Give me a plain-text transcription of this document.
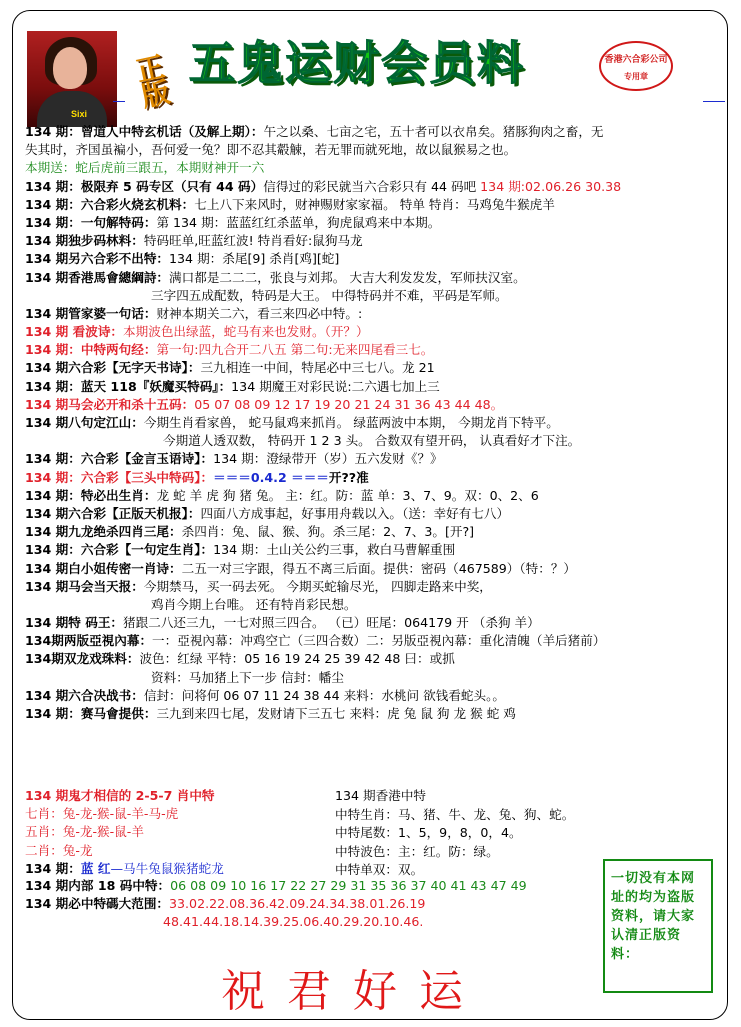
Sixi
正版
五鬼运财会员料	香港六合彩公司
专用章
134 期：曾道人中特玄机话（及解上期）：午之以桑、七亩之宅，五十者可以衣帛矣。猪豚狗肉之畜，无
失其时，齐国虽褊小，吾何爱一兔？即不忍其觳觫，若无罪而就死地，故以鼠猴易之也。
本期送：蛇后虎前三跟五，本期财神开一六
134 期：极限弃 5 码专区（只有 44 码）信得过的彩民就当六合彩只有 44 码吧 134 期:02.06.26 30.38
134 期：六合彩火烧玄机料：七上八下来风时，财神赐财家家福。 特单 特肖：马鸡兔牛猴虎羊
134 期：一句解特码：第 134 期：蓝蓝红红杀蓝单，狗虎鼠鸡来中本期。
134 期独步码林料：特码旺单,旺蓝红波! 特肖看好:鼠狗马龙
134 期另六合彩不出特：134 期：杀尾[9] 杀肖[鸡][蛇]
134 期香港馬會總綱詩：满口都是二二二，张良与刘邦。 大吉大利发发发，军师扶汉室。
三字四五成配数，特码是大王。 中得特码并不难，平码是军师。
134 期管家婆一句话：财神本期关二六，看三来四必中特。:
134 期 看波诗：本期波色出绿蓝，蛇马有来也发财。（开？）
134 期：中特两句经：第一句:四九合开二八五 第二句:无来四尾看三七。
134 期六合彩【无字天书诗】：三九相连一中间，特尾必中三七八。龙 21
134 期：蓝天 118『妖魔买特码』：134 期魔王对彩民说:二六遇七加上三
134 期马会必开和杀十五码：05 07 08 09 12 17 19 20 21 24 31 36 43 44 48。
134 期八句定江山：今期生肖看家兽， 蛇马鼠鸡来抓肖。 绿蓝两波中本期， 今期龙肖下特平。
今期道人透双数， 特码开 1 2 3 头。 合数双有望开码， 认真看好才下注。
134 期：六合彩【金言玉语诗】：134 期：澄绿带开（岁）五六发财《？》
134 期：六合彩【三头中特码】：＝＝＝0.4.2 ＝＝＝开??准
134 期：特必出生肖：龙 蛇 羊 虎 狗 猪 兔。 主：红。防：蓝 单：3、7、9。双：0、2、6
134 期六合彩【正版天机报】：四面八方成事起，好事用舟载以入。（送：幸好有七八）
134 期九龙绝杀四肖三尾：杀四肖：兔、鼠、猴、狗。杀三尾：2、7、3。[开?]
134 期：六合彩【一句定生肖】：134 期：土山关公约三事，救白马曹解重围
134 期白小姐传密一肖诗：二五一对三字跟，得五不离三后面。提供：密码（467589）（特：？）
134 期马会当天报：今期禁马，买一码去死。 今期买蛇输尽光， 四脚走路来中奖，
鸡肖今期上台唯。 还有特肖彩民想。
134 期特 码王：猪跟二八还三九，一七对照三四合。 （已）旺尾：064179 开 （杀狗 羊）
134期两版亞視內幕：一：亞視內幕：冲鸡空亡（三四合数）二：另版亞視內幕：重化清魄（羊后猪前）
134期双龙戏珠料：波色：红绿 平特：05 16 19 24 25 39 42 48 曰：或抓
资料：马加猪上下一步 信封：幡尘
134 期六合决战书：信封：问将何 06 07 11 24 38 44 来料：水桃问 欲钱看蛇头。。
134 期：赛马會提供：三九到来四七尾，发财请下三五七 来料：虎 兔 鼠 狗 龙 猴 蛇 鸡
134 期鬼才相信的 2-5-7 肖中特
七肖：兔-龙-猴-鼠-羊-马-虎
五肖：兔-龙-猴-鼠-羊
二肖：兔-龙
134 期：蓝 红—马牛兔鼠猴猪蛇龙
134 期香港中特
中特生肖：马、猪、牛、龙、兔、狗、蛇。
中特尾数：1、5，9，8，0，4。
中特波色：主：红。防：绿。
中特单双：双。
134 期内部 18 码中特：06 08 09 10 16 17 22 27 29 31 35 36 37 40 41 43 47 49
134 期必中特碼大范围：33.02.22.08.36.42.09.24.34.38.01.26.19
48.41.44.18.14.39.25.06.40.29.20.10.46.
一切没有本网址的均为盗版资料，请大家认清正版资料：
祝君好运
